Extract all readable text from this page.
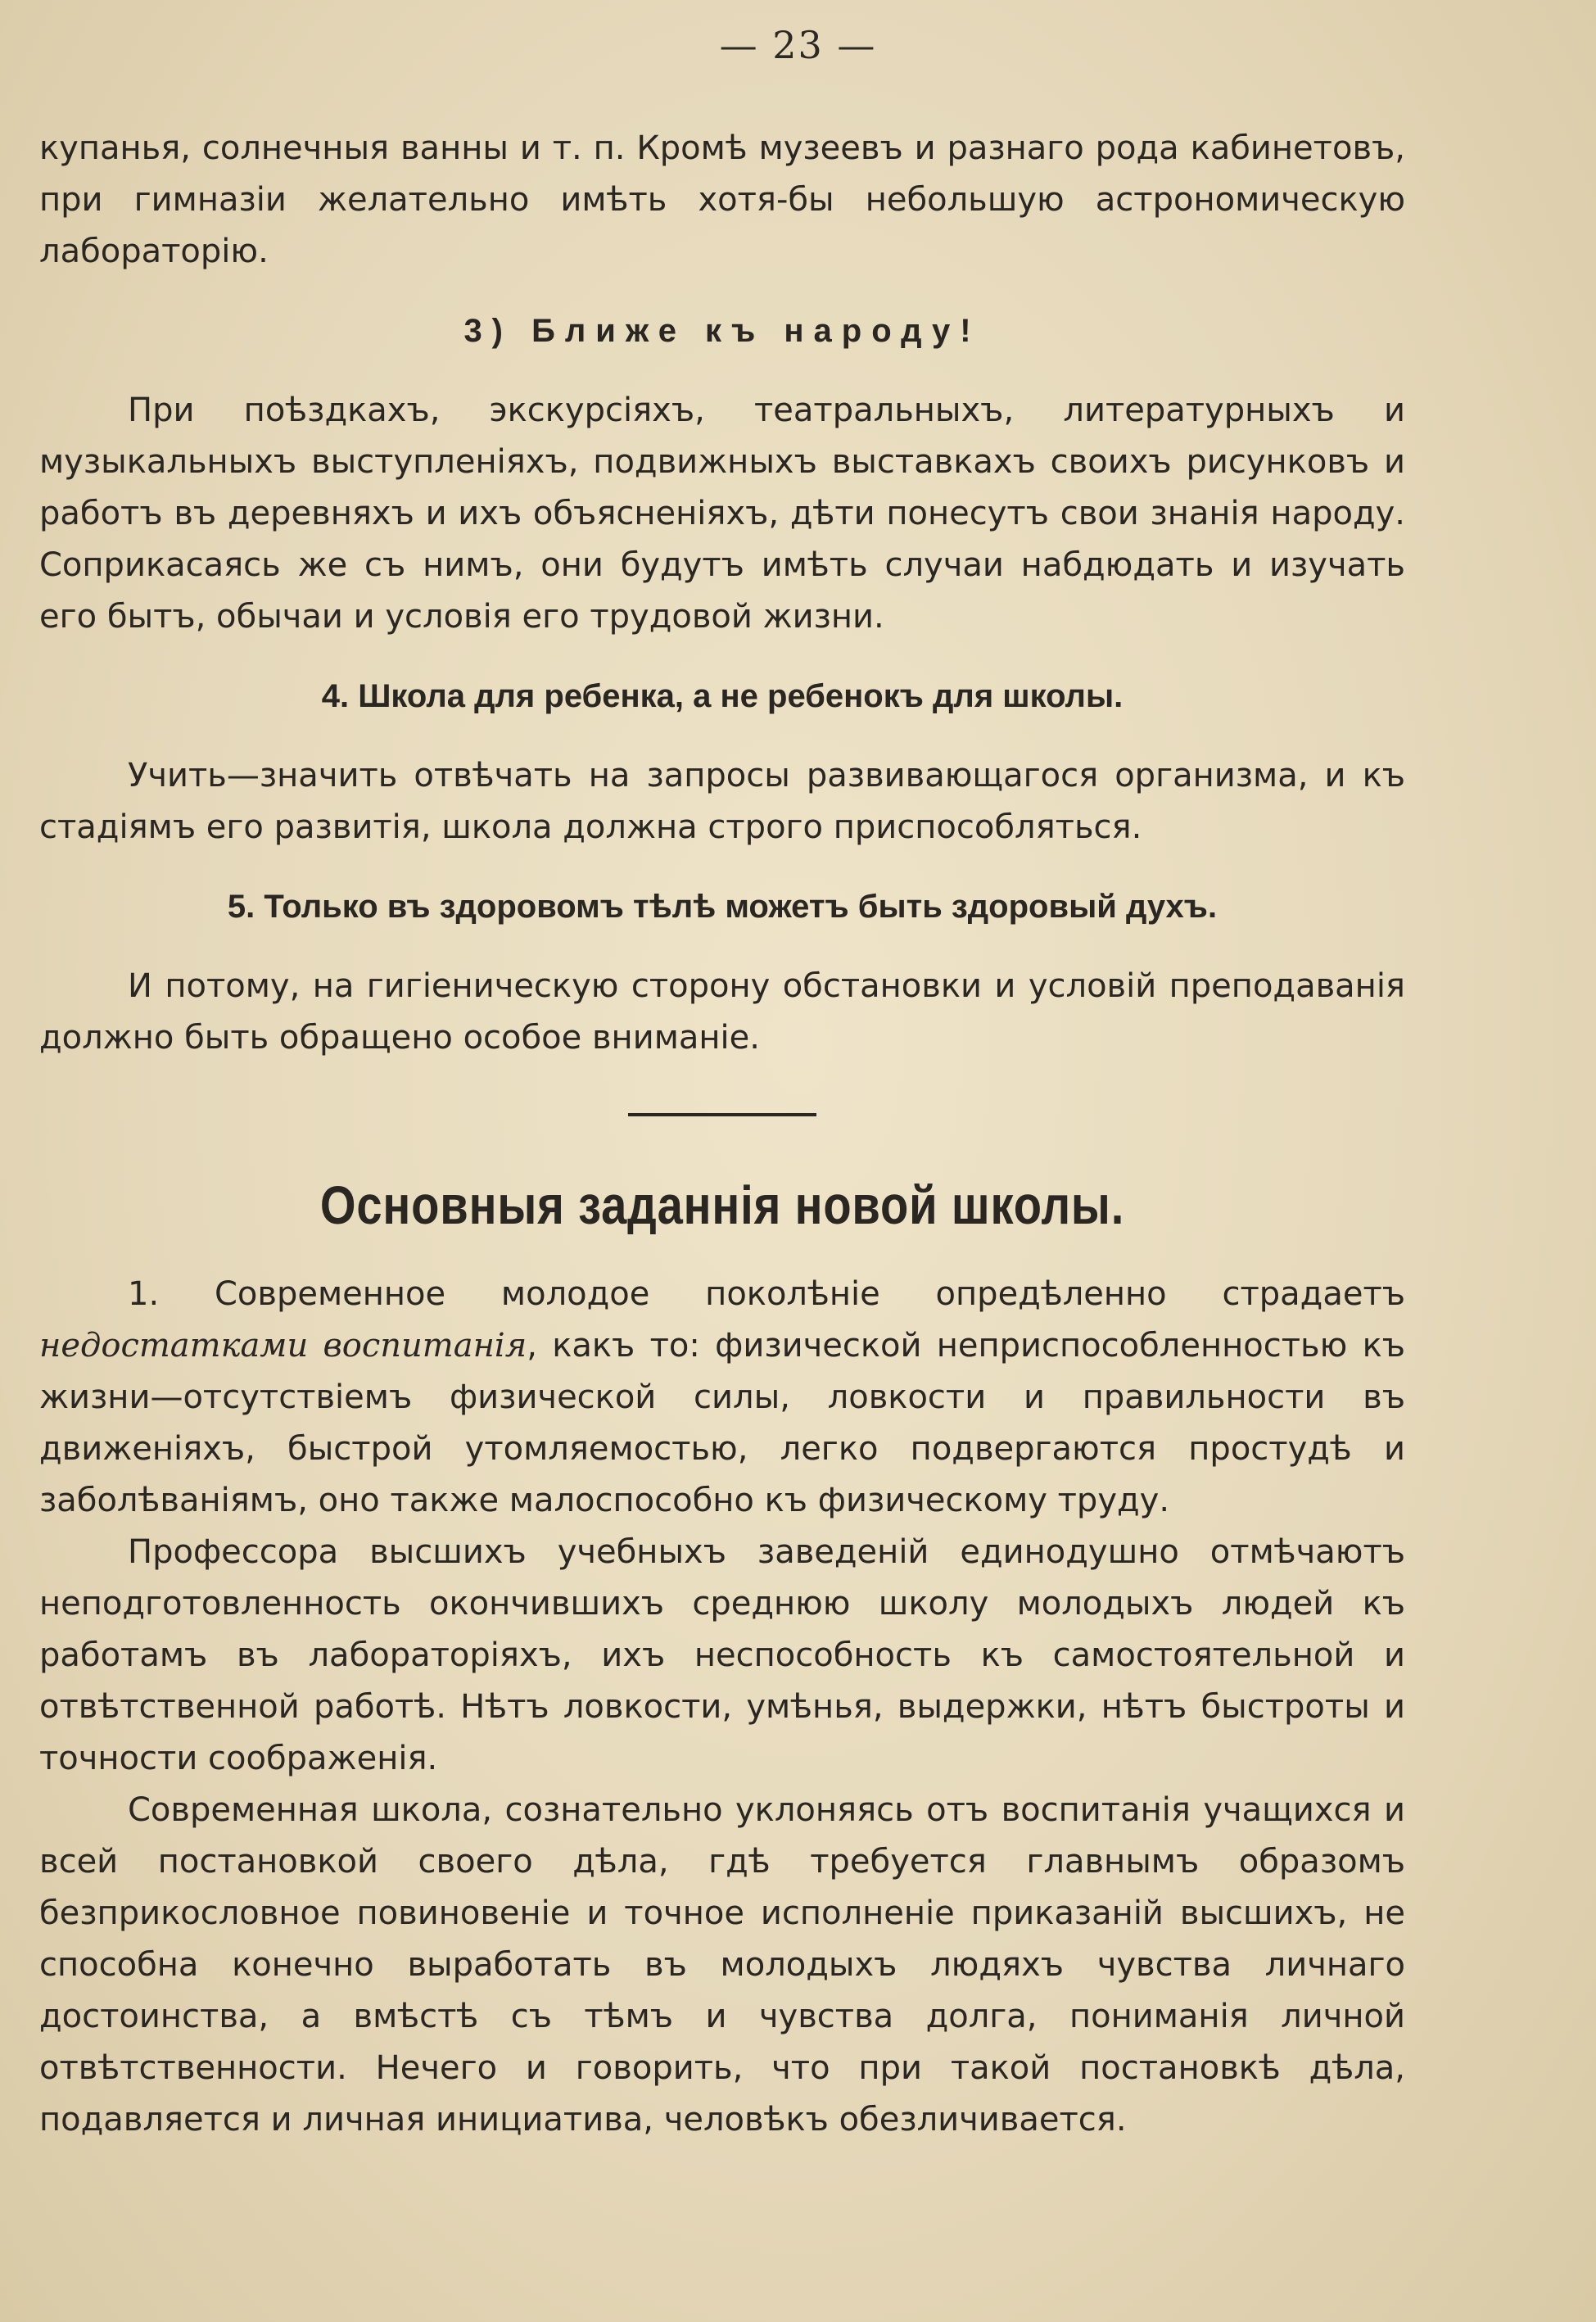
— 23 —

купанья, солнечныя ванны и т. п. Кромѣ музеевъ и разнаго рода кабинетовъ, при гимназіи желательно имѣть хотя-бы небольшую астрономическую лабораторію.

3) Ближе къ народу!

При поѣздкахъ, экскурсіяхъ, театральныхъ, литературныхъ и музыкальныхъ выступленіяхъ, подвижныхъ выставкахъ своихъ рисунковъ и работъ въ деревняхъ и ихъ объясненіяхъ, дѣти понесутъ свои знанія народу. Соприкасаясь же съ нимъ, они будутъ имѣть случаи набдюдать и изучать его бытъ, обычаи и условія его трудовой жизни.

4. Школа для ребенка, а не ребенокъ для школы.

Учить—значить отвѣчать на запросы развивающагося организма, и къ стадіямъ его развитія, школа должна строго приспособляться.

5. Только въ здоровомъ тѣлѣ можетъ быть здоровый духъ.

И потому, на гигіеническую сторону обстановки и условій преподаванія должно быть обращено особое вниманіе.

Основныя заданнія новой школы.

1. Современное молодое поколѣніе опредѣленно страдаетъ недостатками воспитанія, какъ то: физической неприспособленностью къ жизни—отсутствіемъ физической силы, ловкости и правильности въ движеніяхъ, быстрой утомляемостью, легко подвергаются простудѣ и заболѣваніямъ, оно также малоспособно къ физическому труду.

Профессора высшихъ учебныхъ заведеній единодушно отмѣчаютъ неподготовленность окончившихъ среднюю школу молодыхъ людей къ работамъ въ лабораторіяхъ, ихъ неспособность къ самостоятельной и отвѣтственной работѣ. Нѣтъ ловкости, умѣнья, выдержки, нѣтъ быстроты и точности соображенія.

Современная школа, сознательно уклоняясь отъ воспитанія учащихся и всей постановкой своего дѣла, гдѣ требуется главнымъ образомъ безприкословное повиновеніе и точное исполненіе приказаній высшихъ, не способна конечно выработать въ молодыхъ людяхъ чувства личнаго достоинства, а вмѣстѣ съ тѣмъ и чувства долга, пониманія личной отвѣтственности. Нечего и говорить, что при такой постановкѣ дѣла, подавляется и личная инициатива, человѣкъ обезличивается.
